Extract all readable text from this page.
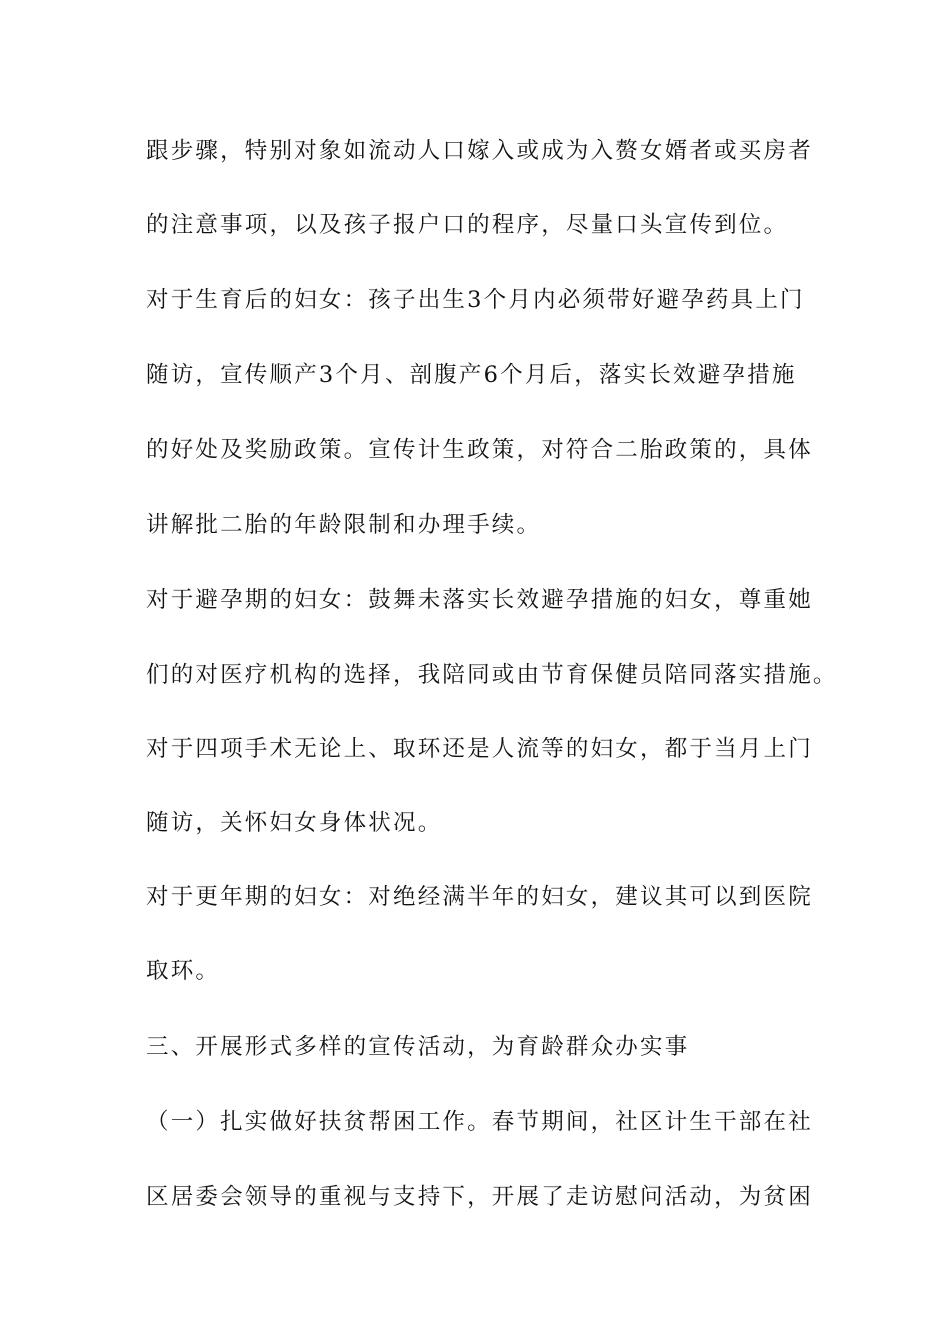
跟步骤，特别对象如流动人口嫁入或成为入赘女婿者或买房者
的注意事项，以及孩子报户口的程序，尽量口头宣传到位。
对于生育后的妇女：孩子出生3个月内必须带好避孕药具上门
随访，宣传顺产3个月、剖腹产6个月后，落实长效避孕措施
的好处及奖励政策。宣传计生政策，对符合二胎政策的，具体
讲解批二胎的年龄限制和办理手续。
对于避孕期的妇女：鼓舞未落实长效避孕措施的妇女，尊重她
们的对医疗机构的选择，我陪同或由节育保健员陪同落实措施。
对于四项手术无论上、取环还是人流等的妇女，都于当月上门
随访，关怀妇女身体状况。
对于更年期的妇女：对绝经满半年的妇女，建议其可以到医院
取环。
三、开展形式多样的宣传活动，为育龄群众办实事
（一）扎实做好扶贫帮困工作。春节期间，社区计生干部在社
区居委会领导的重视与支持下，开展了走访慰问活动，为贫困
